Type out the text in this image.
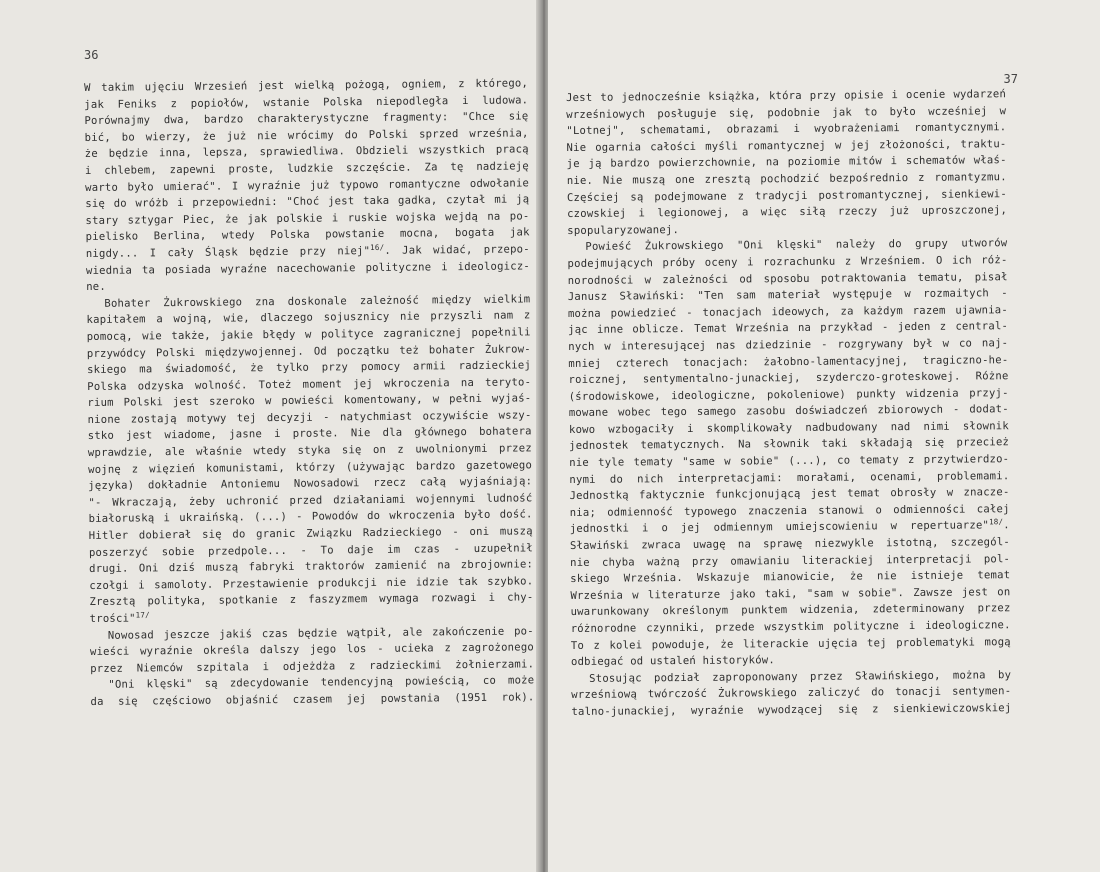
36
W takim ujęciu Wrzesień jest wielką pożogą, ogniem, z którego,
jak Feniks z popiołów, wstanie Polska niepodległa i ludowa.
Porównajmy dwa, bardzo charakterystyczne fragmenty: "Chce się
bić, bo wierzy, że już nie wrócimy do Polski sprzed września,
że będzie inna, lepsza, sprawiedliwa. Obdzieli wszystkich pracą
i chlebem, zapewni proste, ludzkie szczęście. Za tę nadzieję
warto było umierać". I wyraźnie już typowo romantyczne odwołanie
się do wróżb i przepowiedni: "Choć jest taka gadka, czytał mi ją
stary sztygar Piec, że jak polskie i ruskie wojska wejdą na po-
pielisko Berlina, wtedy Polska powstanie mocna, bogata jak
nigdy... I cały Śląsk będzie przy niej"$^{16/}$. Jak widać, przepo-
wiednia ta posiada wyraźne nacechowanie polityczne i ideologicz-
ne.
Bohater Żukrowskiego zna doskonale zależność między wielkim
kapitałem a wojną, wie, dlaczego sojusznicy nie przyszli nam z
pomocą, wie także, jakie błędy w polityce zagranicznej popełnili
przywódcy Polski międzywojennej. Od początku też bohater Żukrow-
skiego ma świadomość, że tylko przy pomocy armii radzieckiej
Polska odzyska wolność. Toteż moment jej wkroczenia na teryto-
rium Polski jest szeroko w powieści komentowany, w pełni wyjaś-
nione zostają motywy tej decyzji - natychmiast oczywiście wszy-
stko jest wiadome, jasne i proste. Nie dla głównego bohatera
wprawdzie, ale właśnie wtedy styka się on z uwolnionymi przez
wojnę z więzień komunistami, którzy (używając bardzo gazetowego
języka) dokładnie Antoniemu Nowosadowi rzecz całą wyjaśniają:
"- Wkraczają, żeby uchronić przed działaniami wojennymi ludność
białoruską i ukraińską. (...) - Powodów do wkroczenia było dość.
Hitler dobierał się do granic Związku Radzieckiego - oni muszą
poszerzyć sobie przedpole... - To daje im czas - uzupełnił
drugi. Oni dziś muszą fabryki traktorów zamienić na zbrojownie:
czołgi i samoloty. Przestawienie produkcji nie idzie tak szybko.
Zresztą polityka, spotkanie z faszyzmem wymaga rozwagi i chy-
trości"$^{17/}$
Nowosad jeszcze jakiś czas będzie wątpił, ale zakończenie po-
wieści wyraźnie określa dalszy jego los - ucieka z zagrożonego
przez Niemców szpitala i odjeżdża z radzieckimi żołnierzami.
"Oni klęski" są zdecydowanie tendencyjną powieścią, co może
da się częściowo objaśnić czasem jej powstania (1951 rok).
37
Jest to jednocześnie książka, która przy opisie i ocenie wydarzeń
wrześniowych posługuje się, podobnie jak to było wcześniej w
"Lotnej", schematami, obrazami i wyobrażeniami romantycznymi.
Nie ogarnia całości myśli romantycznej w jej złożoności, traktu-
je ją bardzo powierzchownie, na poziomie mitów i schematów właś-
nie. Nie muszą one zresztą pochodzić bezpośrednio z romantyzmu.
Częściej są podejmowane z tradycji postromantycznej, sienkiewi-
czowskiej i legionowej, a więc siłą rzeczy już uproszczonej,
spopularyzowanej.
Powieść Żukrowskiego "Oni klęski" należy do grupy utworów
podejmujących próby oceny i rozrachunku z Wrześniem. O ich róż-
norodności w zależności od sposobu potraktowania tematu, pisał
Janusz Sławiński: "Ten sam materiał występuje w rozmaitych -
można powiedzieć - tonacjach ideowych, za każdym razem ujawnia-
jąc inne oblicze. Temat Września na przykład - jeden z central-
nych w interesującej nas dziedzinie - rozgrywany był w co naj-
mniej czterech tonacjach: żałobno-lamentacyjnej, tragiczno-he-
roicznej, sentymentalno-junackiej, szyderczo-groteskowej. Różne
(środowiskowe, ideologiczne, pokoleniowe) punkty widzenia przyj-
mowane wobec tego samego zasobu doświadczeń zbiorowych - dodat-
kowo wzbogaciły i skomplikowały nadbudowany nad nimi słownik
jednostek tematycznych. Na słownik taki składają się przecież
nie tyle tematy "same w sobie" (...), co tematy z przytwierdzo-
nymi do nich interpretacjami: morałami, ocenami, problemami.
Jednostką faktycznie funkcjonującą jest temat obrosły w znacze-
nia; odmienność typowego znaczenia stanowi o odmienności całej
jednostki i o jej odmiennym umiejscowieniu w repertuarze"$^{18/}$.
Sławiński zwraca uwagę na sprawę niezwykle istotną, szczegól-
nie chyba ważną przy omawianiu literackiej interpretacji pol-
skiego Września. Wskazuje mianowicie, że nie istnieje temat
Września w literaturze jako taki, "sam w sobie". Zawsze jest on
uwarunkowany określonym punktem widzenia, zdeterminowany przez
różnorodne czynniki, przede wszystkim polityczne i ideologiczne.
To z kolei powoduje, że literackie ujęcia tej problematyki mogą
odbiegać od ustaleń historyków.
Stosując podział zaproponowany przez Sławińskiego, można by
wrześniową twórczość Żukrowskiego zaliczyć do tonacji sentymen-
talno-junackiej, wyraźnie wywodzącej się z sienkiewiczowskiej
